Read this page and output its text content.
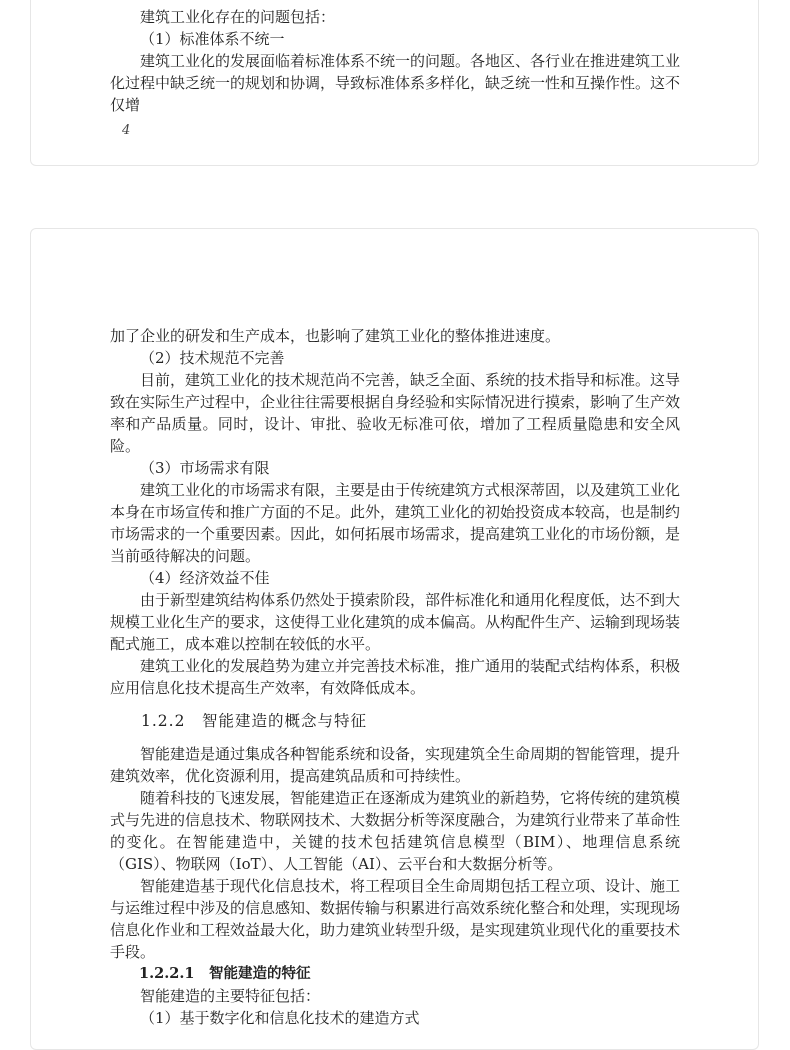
建筑工业化存在的问题包括：

（1）标准体系不统一

建筑工业化的发展面临着标准体系不统一的问题。各地区、各行业在推进建筑工业化过程中缺乏统一的规划和协调，导致标准体系多样化，缺乏统一性和互操作性。这不仅增

4

加了企业的研发和生产成本，也影响了建筑工业化的整体推进速度。

（2）技术规范不完善

目前，建筑工业化的技术规范尚不完善，缺乏全面、系统的技术指导和标准。这导致在实际生产过程中，企业往往需要根据自身经验和实际情况进行摸索，影响了生产效率和产品质量。同时，设计、审批、验收无标准可依，增加了工程质量隐患和安全风险。

（3）市场需求有限

建筑工业化的市场需求有限，主要是由于传统建筑方式根深蒂固，以及建筑工业化本身在市场宣传和推广方面的不足。此外，建筑工业化的初始投资成本较高，也是制约市场需求的一个重要因素。因此，如何拓展市场需求，提高建筑工业化的市场份额，是当前亟待解决的问题。

（4）经济效益不佳

由于新型建筑结构体系仍然处于摸索阶段，部件标准化和通用化程度低，达不到大规模工业化生产的要求，这使得工业化建筑的成本偏高。从构配件生产、运输到现场装配式施工，成本难以控制在较低的水平。

建筑工业化的发展趋势为建立并完善技术标准，推广通用的装配式结构体系，积极应用信息化技术提高生产效率，有效降低成本。

1.2.2　智能建造的概念与特征

智能建造是通过集成各种智能系统和设备，实现建筑全生命周期的智能管理，提升建筑效率，优化资源利用，提高建筑品质和可持续性。

随着科技的飞速发展，智能建造正在逐渐成为建筑业的新趋势，它将传统的建筑模式与先进的信息技术、物联网技术、大数据分析等深度融合，为建筑行业带来了革命性的变化。在智能建造中，关键的技术包括建筑信息模型（BIM）、地理信息系统（GIS）、物联网（IoT）、人工智能（AI）、云平台和大数据分析等。

智能建造基于现代化信息技术，将工程项目全生命周期包括工程立项、设计、施工与运维过程中涉及的信息感知、数据传输与积累进行高效系统化整合和处理，实现现场信息化作业和工程效益最大化，助力建筑业转型升级，是实现建筑业现代化的重要技术手段。

1.2.2.1　智能建造的特征

智能建造的主要特征包括：

（1）基于数字化和信息化技术的建造方式
